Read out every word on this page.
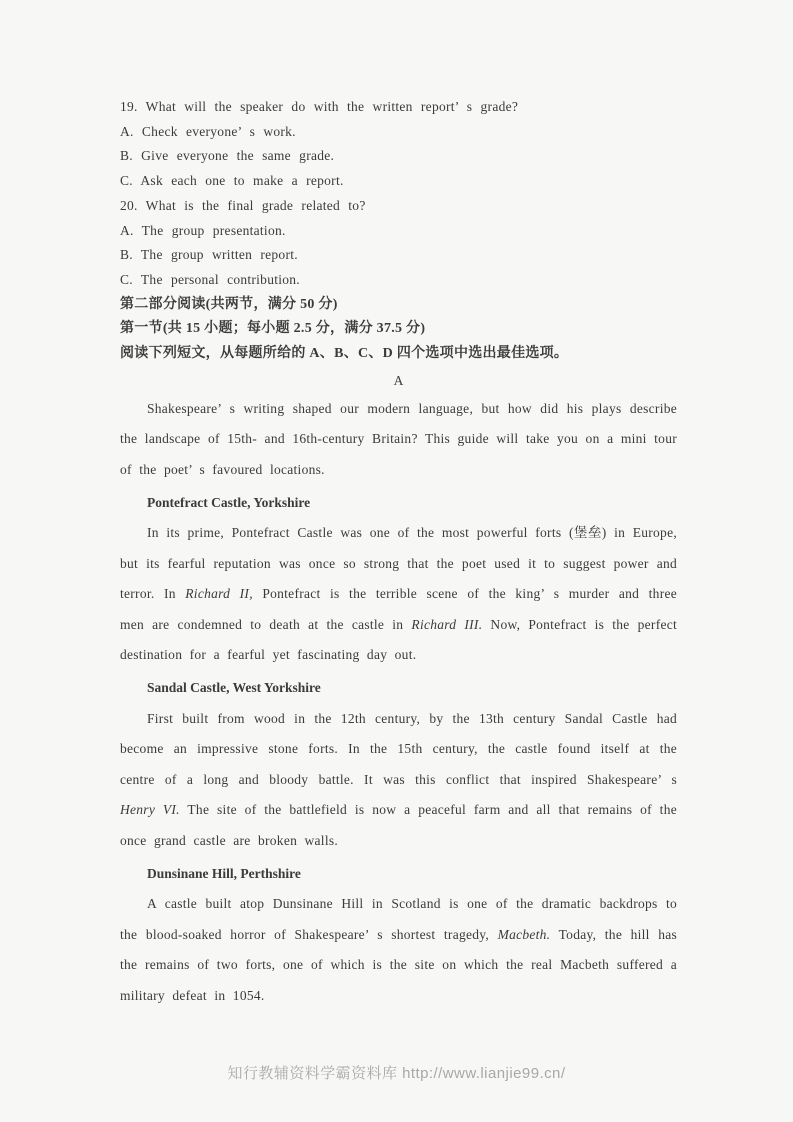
19. What will the speaker do with the written report’ s grade?
A. Check everyone’ s work.
B. Give everyone the same grade.
C. Ask each one to make a report.
20. What is the final grade related to?
A. The group presentation.
B. The group written report.
C. The personal contribution.
第二部分阅读(共两节，满分 50 分)
第一节(共 15 小题；每小题 2.5 分，满分 37.5 分)
阅读下列短文，从每题所给的 A、B、C、D 四个选项中选出最佳选项。
A

Shakespeare’ s writing shaped our modern language, but how did his plays describe the landscape of 15th- and 16th-century Britain? This guide will take you on a mini tour of the poet’ s favoured locations.

Pontefract Castle, Yorkshire

In its prime, Pontefract Castle was one of the most powerful forts (堡垒) in Europe, but its fearful reputation was once so strong that the poet used it to suggest power and terror. In Richard II, Pontefract is the terrible scene of the king’ s murder and three men are condemned to death at the castle in Richard III. Now, Pontefract is the perfect destination for a fearful yet fascinating day out.

Sandal Castle, West Yorkshire

First built from wood in the 12th century, by the 13th century Sandal Castle had become an impressive stone forts. In the 15th century, the castle found itself at the centre of a long and bloody battle. It was this conflict that inspired Shakespeare’ s Henry VI. The site of the battlefield is now a peaceful farm and all that remains of the once grand castle are broken walls.

Dunsinane Hill, Perthshire

A castle built atop Dunsinane Hill in Scotland is one of the dramatic backdrops to the blood-soaked horror of Shakespeare’ s shortest tragedy, Macbeth. Today, the hill has the remains of two forts, one of which is the site on which the real Macbeth suffered a military defeat in 1054.

知行教辅资料学霸资料库 http://www.lianjie99.cn/
